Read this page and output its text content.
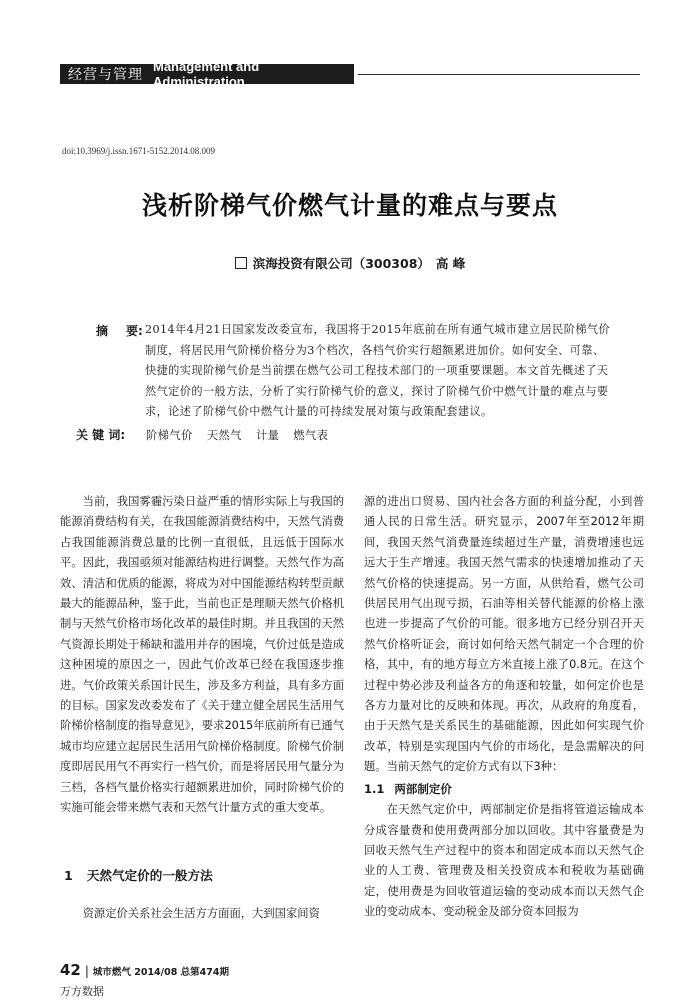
经营与管理
Management and Administration
doi:10.3969/j.issn.1671-5152.2014.08.009
浅析阶梯气价燃气计量的难点与要点
滨海投资有限公司（300308） 高 峰
摘 要: 2014年4月21日国家发改委宣布，我国将于2015年底前在所有通气城市建立居民阶梯气价制度，将居民用气阶梯价格分为3个档次，各档气价实行超额累进加价。如何安全、可靠、快捷的实现阶梯气价是当前摆在燃气公司工程技术部门的一项重要课题。本文首先概述了天然气定价的一般方法，分析了实行阶梯气价的意义，探讨了阶梯气价中燃气计量的难点与要求，论述了阶梯气价中燃气计量的可持续发展对策与政策配套建议。
关 键 词: 阶梯气价 天然气 计量 燃气表

当前，我国雾霾污染日益严重的情形实际上与我国的能源消费结构有关，在我国能源消费结构中，天然气消费占我国能源消费总量的比例一直很低，且远低于国际水平。因此，我国亟须对能源结构进行调整。天然气作为高效、清洁和优质的能源，将成为对中国能源结构转型贡献最大的能源品种，鉴于此，当前也正是理顺天然气价格机制与天然气价格市场化改革的最佳时期。并且我国的天然气资源长期处于稀缺和滥用并存的困境，气价过低是造成这种困境的原因之一，因此气价改革已经在我国逐步推进。气价政策关系国计民生，涉及多方利益，具有多方面的目标。国家发改委发布了《关于建立健全居民生活用气阶梯价格制度的指导意见》，要求2015年底前所有已通气城市均应建立起居民生活用气阶梯价格制度。阶梯气价制度即居民用气不再实行一档气价，而是将居民用气量分为三档，各档气量价格实行超额累进加价，同时阶梯气价的实施可能会带来燃气表和天然气计量方式的重大变革。

1 天然气定价的一般方法
资源定价关系社会生活方方面面，大到国家间资

源的进出口贸易、国内社会各方面的利益分配，小到普通人民的日常生活。研究显示，2007年至2012年期间，我国天然气消费量连续超过生产量，消费增速也远远大于生产增速。我国天然气需求的快速增加推动了天然气价格的快速提高。另一方面，从供给看，燃气公司供居民用气出现亏损，石油等相关替代能源的价格上涨也进一步提高了气价的可能。很多地方已经分别召开天然气价格听证会，商讨如何给天然气制定一个合理的价格，其中，有的地方每立方米直接上涨了0.8元。在这个过程中势必涉及利益各方的角逐和较量，如何定价也是各方力量对比的反映和体现。再次，从政府的角度看，由于天然气是关系民生的基础能源，因此如何实现气价改革，特别是实现国内气价的市场化，是急需解决的问题。当前天然气的定价方式有以下3种：

1.1 两部制定价

在天然气定价中，两部制定价是指将管道运输成本分成容量费和使用费两部分加以回收。其中容量费是为回收天然气生产过程中的资本和固定成本而以天然气企业的人工费、管理费及相关投资成本和税收为基础确定，使用费是为回收管道运输的变动成本而以天然气企业的变动成本、变动税金及部分资本回报为

42 | 城市燃气 2014/08 总第474期
万方数据
